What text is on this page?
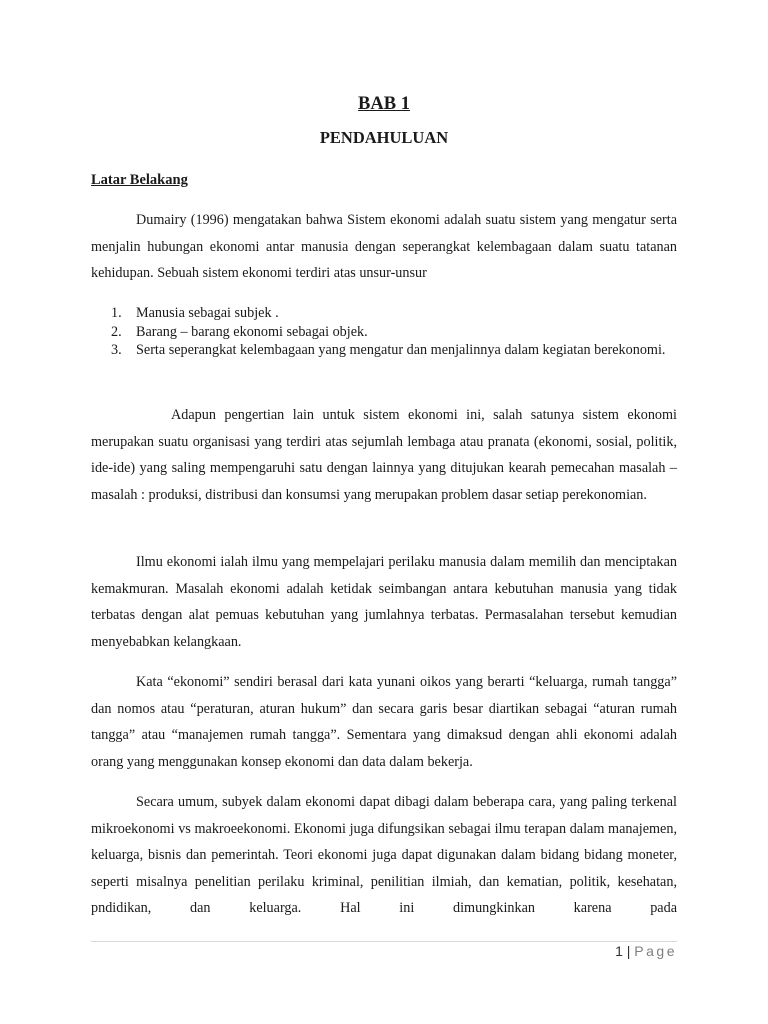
BAB 1
PENDAHULUAN
Latar Belakang

Dumairy (1996) mengatakan bahwa Sistem ekonomi adalah suatu sistem yang mengatur serta menjalin hubungan ekonomi antar manusia dengan seperangkat kelembagaan dalam suatu tatanan kehidupan. Sebuah sistem ekonomi terdiri atas unsur-unsur

1. Manusia sebagai subjek .
2. Barang – barang ekonomi sebagai objek.
3. Serta seperangkat kelembagaan yang mengatur dan menjalinnya dalam kegiatan berekonomi.

Adapun pengertian lain untuk sistem ekonomi ini, salah satunya sistem ekonomi merupakan suatu organisasi yang terdiri atas sejumlah lembaga atau pranata (ekonomi, sosial, politik, ide-ide) yang saling mempengaruhi satu dengan lainnya yang ditujukan kearah pemecahan masalah – masalah : produksi, distribusi dan konsumsi yang merupakan problem dasar setiap perekonomian.

Ilmu ekonomi ialah ilmu yang mempelajari perilaku manusia dalam memilih dan menciptakan kemakmuran. Masalah ekonomi adalah ketidak seimbangan antara kebutuhan manusia yang tidak terbatas dengan alat pemuas kebutuhan yang jumlahnya terbatas. Permasalahan tersebut kemudian menyebabkan kelangkaan.

Kata “ekonomi” sendiri berasal dari kata yunani oikos yang berarti “keluarga, rumah tangga” dan nomos atau “peraturan, aturan hukum” dan secara garis besar diartikan sebagai “aturan rumah tangga” atau “manajemen rumah tangga”. Sementara yang dimaksud dengan ahli ekonomi adalah orang yang menggunakan konsep ekonomi dan data dalam bekerja.

Secara umum, subyek dalam ekonomi dapat dibagi dalam beberapa cara, yang paling terkenal mikroekonomi vs makroeekonomi. Ekonomi juga difungsikan sebagai ilmu terapan dalam manajemen, keluarga, bisnis dan pemerintah. Teori ekonomi juga dapat digunakan dalam bidang bidang moneter, seperti misalnya penelitian perilaku kriminal, penilitian ilmiah, dan kematian, politik, kesehatan, pndidikan, dan keluarga. Hal ini dimungkinkan karena pada

1 | Page
